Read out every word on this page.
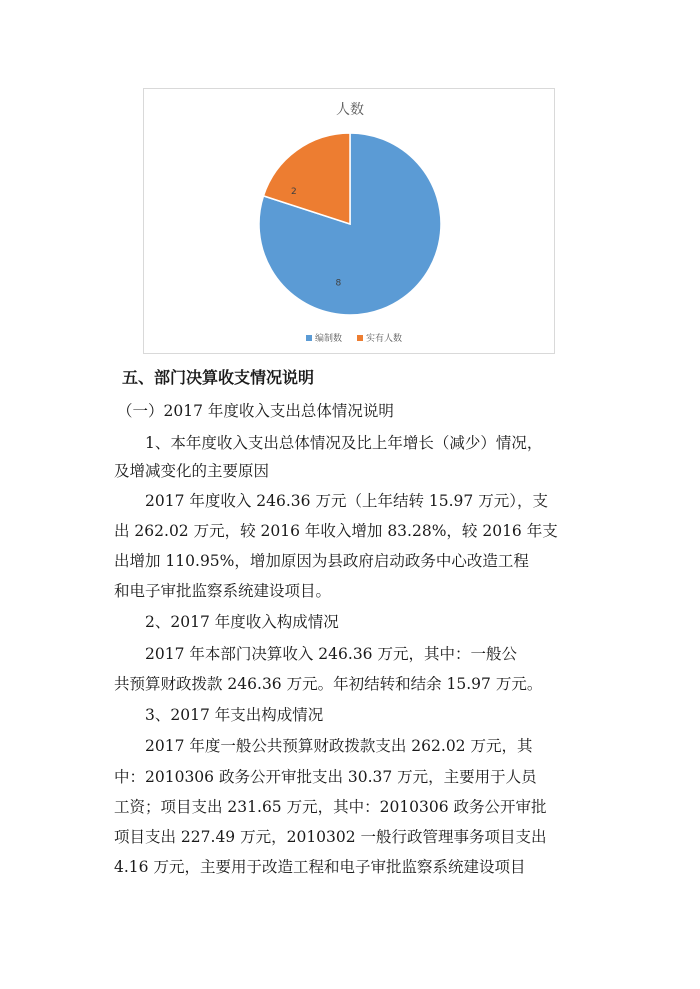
人数
8
2
编制数	实有人数
五、部门决算收支情况说明
（一）2017 年度收入支出总体情况说明
1、本年度收入支出总体情况及比上年增长（减少）情况，
及增减变化的主要原因
2017 年度收入 246.36 万元（上年结转 15.97 万元），支
出 262.02 万元，较 2016 年收入增加 83.28%，较 2016 年支
出增加 110.95%，增加原因为县政府启动政务中心改造工程
和电子审批监察系统建设项目。
2、2017 年度收入构成情况
2017 年本部门决算收入 246.36 万元，其中：一般公
共预算财政拨款 246.36 万元。年初结转和结余 15.97 万元。
3、2017 年支出构成情况
2017 年度一般公共预算财政拨款支出 262.02 万元，其
中：2010306 政务公开审批支出 30.37 万元，主要用于人员
工资；项目支出 231.65 万元，其中：2010306 政务公开审批
项目支出 227.49 万元，2010302 一般行政管理事务项目支出
4.16 万元，主要用于改造工程和电子审批监察系统建设项目
